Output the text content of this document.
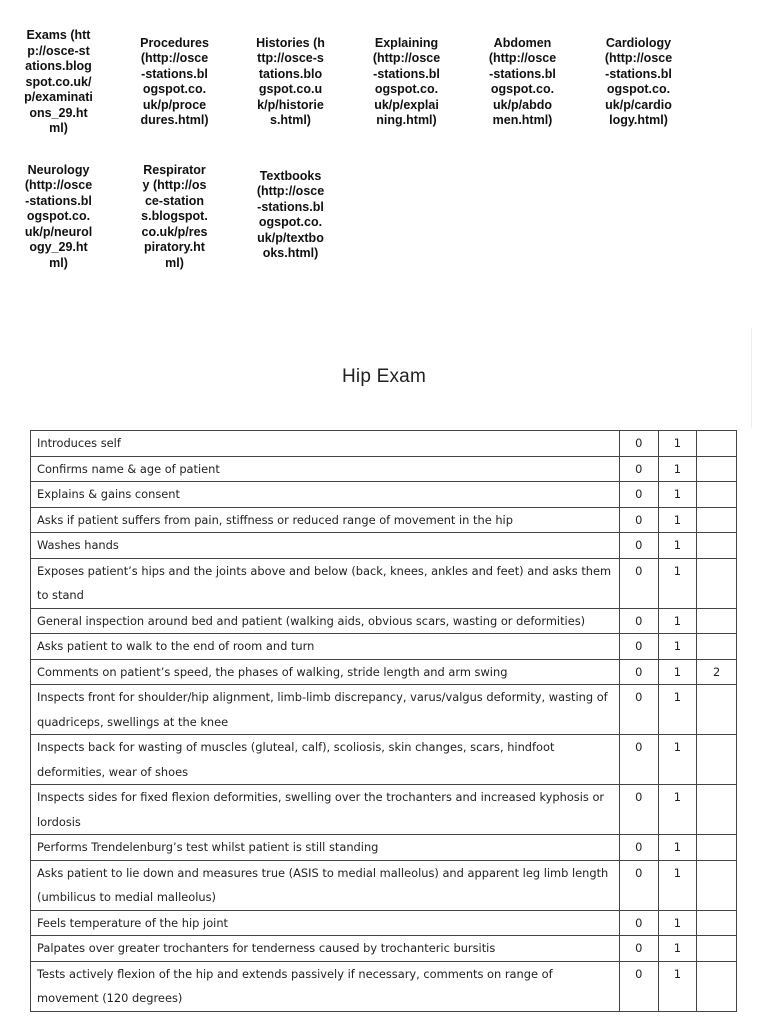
Exams (http://osce-stations.blogspot.co.uk/p/examinations_29.html)
Procedures (http://osce-stations.blogspot.co.uk/p/procedures.html)
Histories (http://osce-stations.blogspot.co.uk/p/histories.html)
Explaining (http://osce-stations.blogspot.co.uk/p/explaining.html)
Abdomen (http://osce-stations.blogspot.co.uk/p/abdomen.html)
Cardiology (http://osce-stations.blogspot.co.uk/p/cardiology.html)
Neurology (http://osce-stations.blogspot.co.uk/p/neurology_29.html)
Respiratory (http://osce-stations.blogspot.co.uk/p/respiratory.html)
Textbooks (http://osce-stations.blogspot.co.uk/p/textbooks.html)
Hip Exam
Introduces self	0	1	
Confirms name & age of patient	0	1	
Explains & gains consent	0	1	
Asks if patient suffers from pain, stiffness or reduced range of movement in the hip	0	1	
Washes hands	0	1	
Exposes patient’s hips and the joints above and below (back, knees, ankles and feet) and asks them to stand	0	1	
General inspection around bed and patient (walking aids, obvious scars, wasting or deformities)	0	1	
Asks patient to walk to the end of room and turn	0	1	
Comments on patient’s speed, the phases of walking, stride length and arm swing	0	1	2
Inspects front for shoulder/hip alignment, limb-limb discrepancy, varus/valgus deformity, wasting of quadriceps, swellings at the knee	0	1	
Inspects back for wasting of muscles (gluteal, calf), scoliosis, skin changes, scars, hindfoot deformities, wear of shoes	0	1	
Inspects sides for fixed flexion deformities, swelling over the trochanters and increased kyphosis or lordosis	0	1	
Performs Trendelenburg’s test whilst patient is still standing	0	1	
Asks patient to lie down and measures true (ASIS to medial malleolus) and apparent leg limb length (umbilicus to medial malleolus)	0	1	
Feels temperature of the hip joint	0	1	
Palpates over greater trochanters for tenderness caused by trochanteric bursitis	0	1	
Tests actively flexion of the hip and extends passively if necessary, comments on range of movement (120 degrees)	0	1	
